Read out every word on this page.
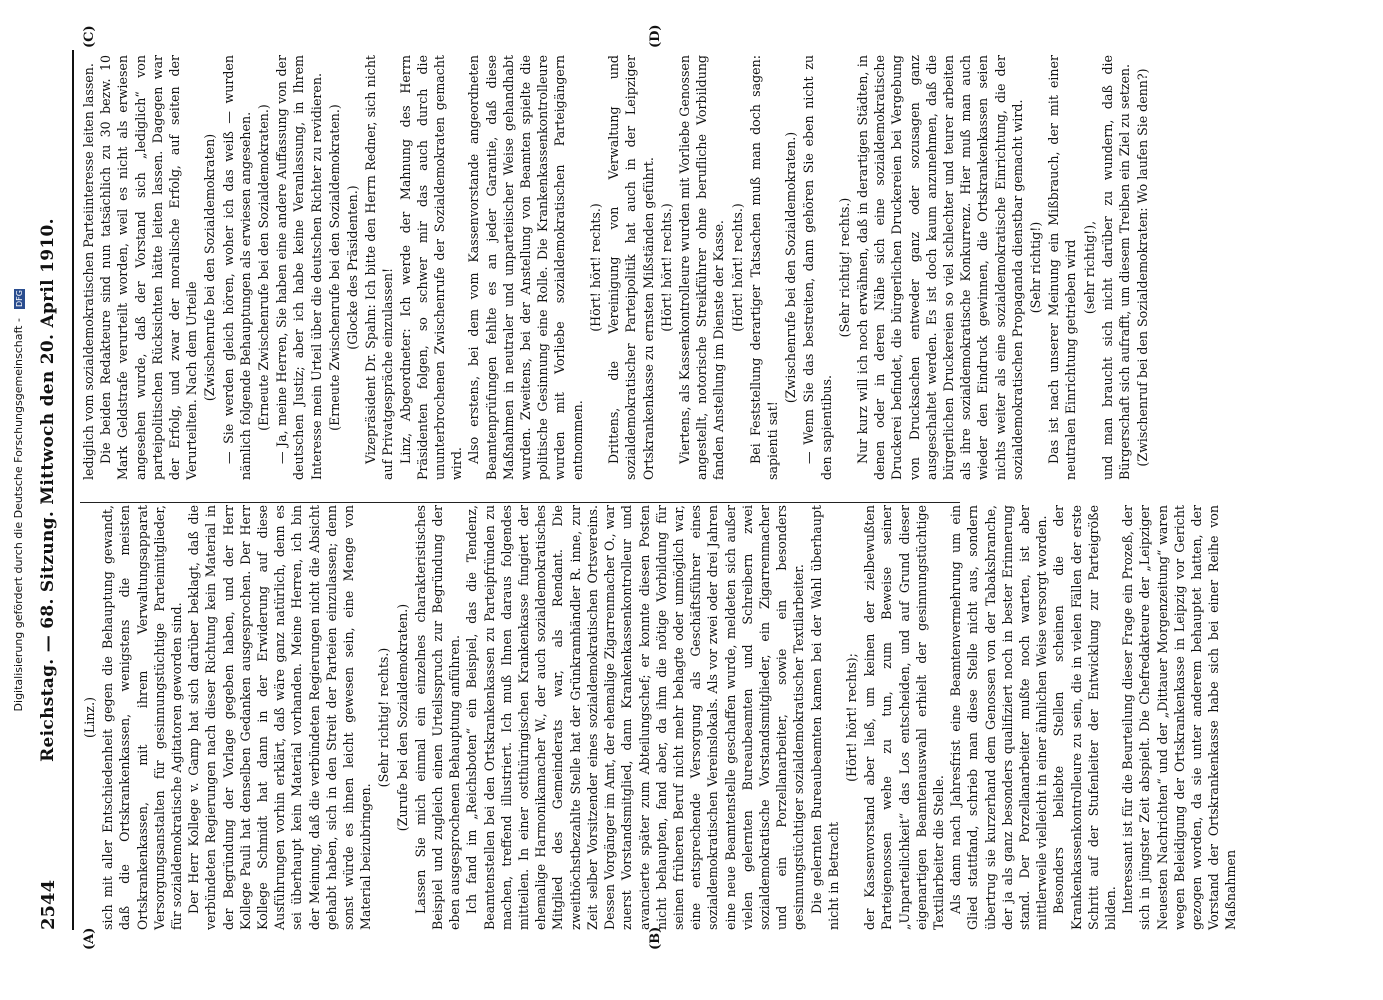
2544
Reichstag. — 68. Sitzung. Mittwoch den 20. April 1910.
(A)	(B)
(C)	(D)

(Linz.) sich mit aller Entschiedenheit gegen die Behauptung gewandt, daß die Ortskrankenkassen, wenigstens die meisten Ortskrankenkassen, mit ihrem Verwaltungsapparat Versorgungsanstalten für gesinnungstüchtige Parteimitglieder, für sozialdemokratische Agitatoren geworden sind. Der Herr Kollege v. Gamp hat sich darüber beklagt, daß die verbündeten Regierungen nach dieser Richtung kein Material in der Begründung der Vorlage gegeben haben, und der Herr Kollege Pauli hat denselben Gedanken ausgesprochen. Der Herr Kollege Schmidt hat dann in der Erwiderung auf diese Ausführungen vorhin erklärt, daß wäre ganz natürlich, denn es sei überhaupt kein Material vorhanden. Meine Herren, ich bin der Meinung, daß die verbündeten Regierungen nicht die Absicht gehabt haben, sich in den Streit der Parteien einzulassen; denn sonst würde es ihnen leicht gewesen sein, eine Menge von Material beizubringen.

(Sehr richtig! rechts.) (Zurufe bei den Sozialdemokraten.) Lassen Sie mich einmal ein einzelnes charakteristisches Beispiel und zugleich einen Urteilsspruch zur Begründung der eben ausgesprochenen Behauptung anführen. Ich fand im „Reichsboten“ ein Beispiel, das die Tendenz, Beamtenstellen bei den Ortskrankenkassen zu Parteipfründen zu machen, treffend illustriert. Ich muß Ihnen daraus folgendes mitteilen. In einer ostthüringischen Krankenkasse fungiert der ehemalige Harmonikamacher W., der auch sozialdemokratisches Mitglied des Gemeinderats war, als Rendant. Die zweithöchstbezahlte Stelle hat der Grünkramhändler R. inne, zur Zeit selber Vorsitzender eines sozialdemokratischen Ortsvereins. Dessen Vorgänger im Amt, der ehemalige Zigarrenmacher O., war zuerst Vorstandsmitglied, dann Krankenkassenkontrolleur und avancierte später zum Abteilungschef; er konnte diesen Posten nicht behaupten, fand aber, da ihm die nötige Vorbildung für seinen früheren Beruf nicht mehr behagte oder unmöglich war, eine entsprechende Versorgung als Geschäftsführer eines sozialdemokratischen Vereinslokals. Als vor zwei oder drei Jahren eine neue Beamtenstelle geschaffen wurde, meldeten sich außer vielen gelernten Bureaubeamten und Schreibern zwei sozialdemokratische Vorstandsmitglieder, ein Zigarrenmacher und ein Porzellanarbeiter, sowie ein besonders gesinnungstüchtiger sozialdemokratischer Textilarbeiter. Die gelernten Bureaubeamten kamen bei der Wahl überhaupt nicht in Betracht

(Hört! hört! rechts); der Kassenvorstand aber ließ, um keinen der zielbewußten Parteigenossen wehe zu tun, zum Beweise seiner „Unparteilichkeit“ das Los entscheiden, und auf Grund dieser eigenartigen Beamtenauswahl erhielt der gesinnungstüchtige Textilarbeiter die Stelle. Als dann nach Jahresfrist eine Beamtenvermehrung um ein Glied stattfand, schrieb man diese Stelle nicht aus, sondern übertrug sie kurzerhand dem Genossen von der Tabaksbranche, der ja als ganz besonders qualifiziert noch in bester Erinnerung stand. Der Porzellanarbeiter mußte noch warten, ist aber mittlerweile vielleicht in einer ähnlichen Weise versorgt worden. Besonders beliebte Stellen scheinen die der Krankenkassenkontrolleure zu sein, die in vielen Fällen der erste Schritt auf der Stufenleiter der Entwicklung zur Parteigröße bilden. Interessant ist für die Beurteilung dieser Frage ein Prozeß, der sich in jüngster Zeit abspielt. Die Chefredakteure der „Leipziger Neuesten Nachrichten“ und der „Dittauer Morgenzeitung“ waren wegen Beleidigung der Ortskrankenkasse in Leipzig vor Gericht gezogen worden, da sie unter anderem behauptet hatten, der Vorstand der Ortskrankenkasse habe sich bei einer Reihe von Maßnahmen

lediglich vom sozialdemokratischen Parteiinteresse leiten lassen. Die beiden Redakteure sind nun tatsächlich zu 30 bezw. 10 Mark Geldstrafe verurteilt worden, weil es nicht als erwiesen angesehen wurde, daß der Vorstand sich „lediglich“ von parteipolitischen Rücksichten hätte leiten lassen. Dagegen war der Erfolg, und zwar der moralische Erfolg, auf seiten der Verurteilten. Nach dem Urteile (Zwischenrufe bei den Sozialdemokraten) — Sie werden gleich hören, woher ich das weiß — wurden nämlich folgende Behauptungen als erwiesen angesehen. (Erneute Zwischenrufe bei den Sozialdemokraten.) — Ja, meine Herren, Sie haben eine andere Auffassung von der deutschen Justiz; aber ich habe keine Veranlassung, in Ihrem Interesse mein Urteil über die deutschen Richter zu revidieren. (Erneute Zwischenrufe bei den Sozialdemokraten.) (Glocke des Präsidenten.) Vizepräsident Dr. Spahn: Ich bitte den Herrn Redner, sich nicht auf Privatgespräche einzulassen! Linz, Abgeordneter: Ich werde der Mahnung des Herrn Präsidenten folgen, so schwer mir das auch durch die ununterbrochenen Zwischenrufe der Sozialdemokraten gemacht wird. Also erstens, bei dem vom Kassenvorstande angeordneten Beamtenprüfungen fehlte es an jeder Garantie, daß diese Maßnahmen in neutraler und unparteiischer Weise gehandhabt wurden. Zweitens, bei der Anstellung von Beamten spielte die politische Gesinnung eine Rolle. Die Krankenkassenkontrolleure wurden mit Vorliebe sozialdemokratischen Parteigängern entnommen.

(Hört! hört! rechts.) Drittens, die Vereinigung von Verwaltung und sozialdemokratischer Parteipolitik hat auch in der Leipziger Ortskrankenkasse zu ernsten Mißständen geführt. (Hört! hört! rechts.) Viertens, als Kassenkontrolleure wurden mit Vorliebe Genossen angestellt, notorische Streikführer ohne berufliche Vorbildung fanden Anstellung im Dienste der Kasse. (Hört! hört! rechts.) Bei Feststellung derartiger Tatsachen muß man doch sagen: sapienti sat!

(Zwischenrufe bei den Sozialdemokraten.) — Wenn Sie das bestreiten, dann gehören Sie eben nicht zu den sapientibus.

(Sehr richtig! rechts.) Nur kurz will ich noch erwähnen, daß in derartigen Städten, in denen oder in deren Nähe sich eine sozialdemokratische Druckerei befindet, die bürgerlichen Druckereien bei Vergebung von Drucksachen entweder ganz oder sozusagen ganz ausgeschaltet werden. Es ist doch kaum anzunehmen, daß die bürgerlichen Druckereien so viel schlechter und teurer arbeiten als ihre sozialdemokratische Konkurrenz. Hier muß man auch wieder den Eindruck gewinnen, die Ortskrankenkassen seien nichts weiter als eine sozialdemokratische Einrichtung, die der sozialdemokratischen Propaganda dienstbar gemacht wird. (Sehr richtig!) Das ist nach unserer Meinung ein Mißbrauch, der mit einer neutralen Einrichtung getrieben wird (sehr richtig!), und man braucht sich nicht darüber zu wundern, daß die Bürgerschaft sich aufrafft, um diesem Treiben ein Ziel zu setzen. (Zwischenruf bei den Sozialdemokraten: Wo laufen Sie denn?)

Digitalisierung gefördert durch die Deutsche Forschungsgemeinschaft - DFG
